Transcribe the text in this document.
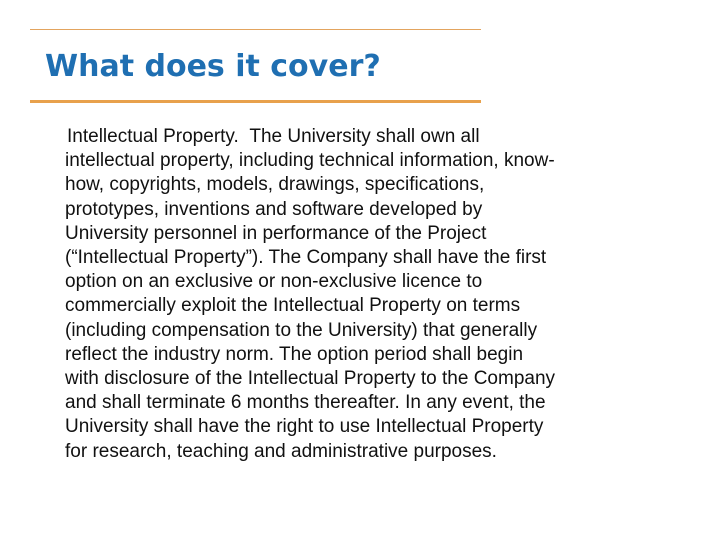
What does it cover?

Intellectual Property. The University shall own all
intellectual property, including technical information, know-
how, copyrights, models, drawings, specifications,
prototypes, inventions and software developed by
University personnel in performance of the Project
(“Intellectual Property”). The Company shall have the first
option on an exclusive or non-exclusive licence to
commercially exploit the Intellectual Property on terms
(including compensation to the University) that generally
reflect the industry norm. The option period shall begin
with disclosure of the Intellectual Property to the Company
and shall terminate 6 months thereafter. In any event, the
University shall have the right to use Intellectual Property
for research, teaching and administrative purposes.
